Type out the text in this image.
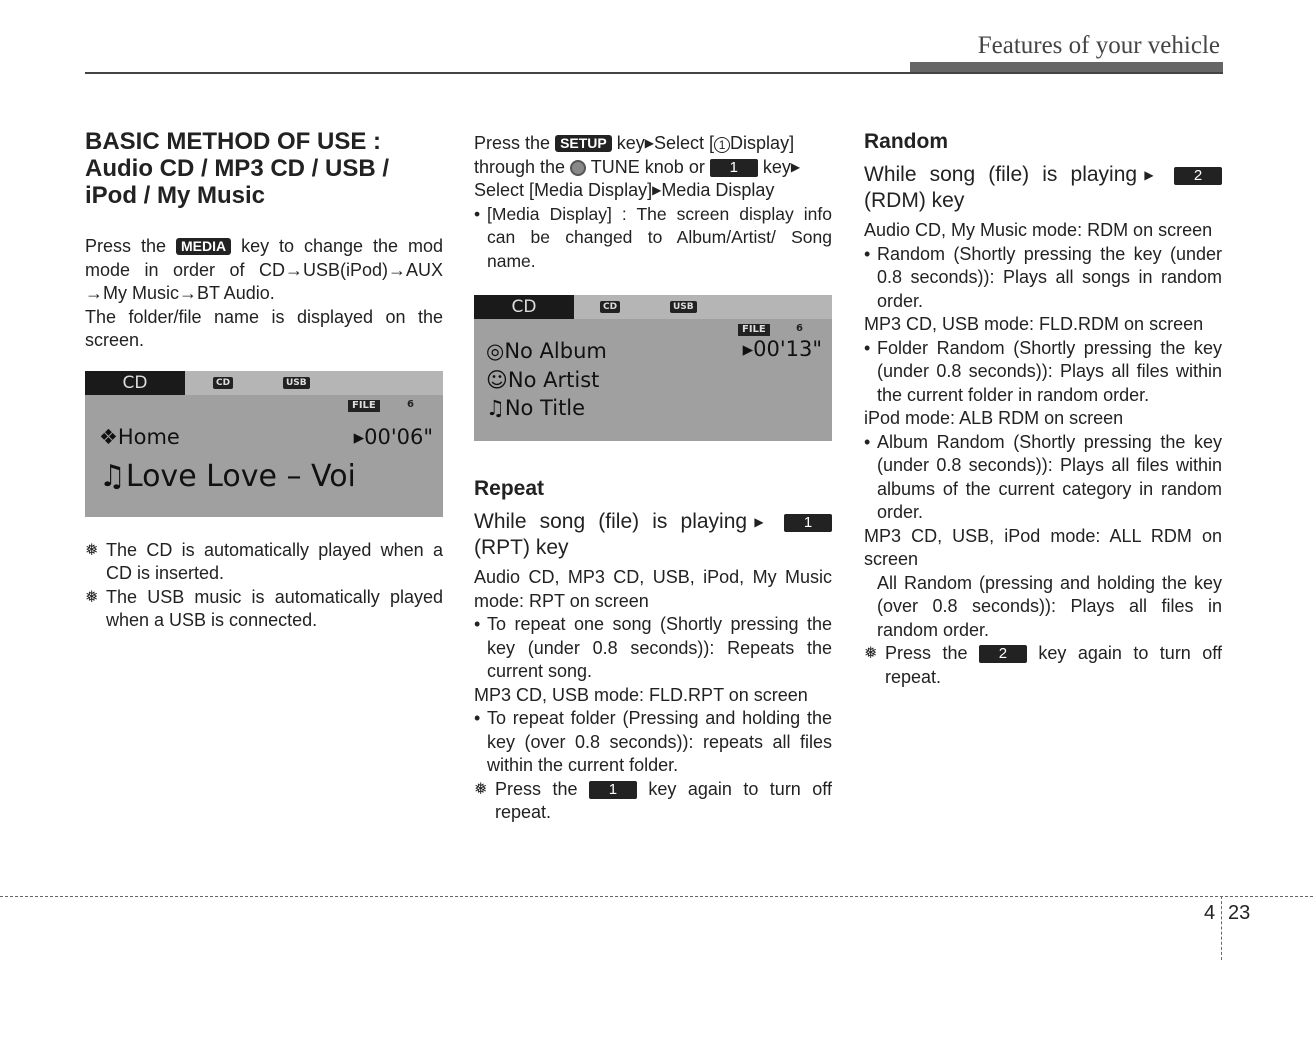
Features of your vehicle
BASIC METHOD OF USE : Audio CD / MP3 CD / USB / iPod / My Music

Press the MEDIA key to change the mod mode in order of CD→USB(iPod)→AUX →My Music→BT Audio.

The folder/file name is displayed on the screen.

CD	CD	USB
FILE	6
❖Home	▸00'06"
♫Love Love – Voi

❅ The CD is automatically played when a CD is inserted.

❅ The USB music is automatically played when a USB is connected.

Press the SETUP key▶Select [ 1 Display] through the TUNE knob or 1 key▶ Select [Media Display]▶Media Display

• [Media Display] : The screen display info can be changed to Album/Artist/ Song name.

CD	CD	USB
FILE	6
▸00'13"
◎No Album
☺No Artist
♫No Title
Repeat

While song (file) is playing▶ 1 (RPT) key

Audio CD, MP3 CD, USB, iPod, My Music mode: RPT on screen

• To repeat one song (Shortly pressing the key (under 0.8 seconds)): Repeats the current song.

MP3 CD, USB mode: FLD.RPT on screen

• To repeat folder (Pressing and holding the key (over 0.8 seconds)): repeats all files within the current folder.

❅ Press the 1 key again to turn off repeat.

Random

While song (file) is playing▶ 2 (RDM) key

Audio CD, My Music mode: RDM on screen

• Random (Shortly pressing the key (under 0.8 seconds)): Plays all songs in random order.

MP3 CD, USB mode: FLD.RDM on screen

• Folder Random (Shortly pressing the key (under 0.8 seconds)): Plays all files within the current folder in random order.

iPod mode: ALB RDM on screen

• Album Random (Shortly pressing the key (under 0.8 seconds)): Plays all files within albums of the current category in random order.

MP3 CD, USB, iPod mode: ALL RDM on screen

All Random (pressing and holding the key (over 0.8 seconds)): Plays all files in random order.

❅ Press the 2 key again to turn off repeat.

4 23
